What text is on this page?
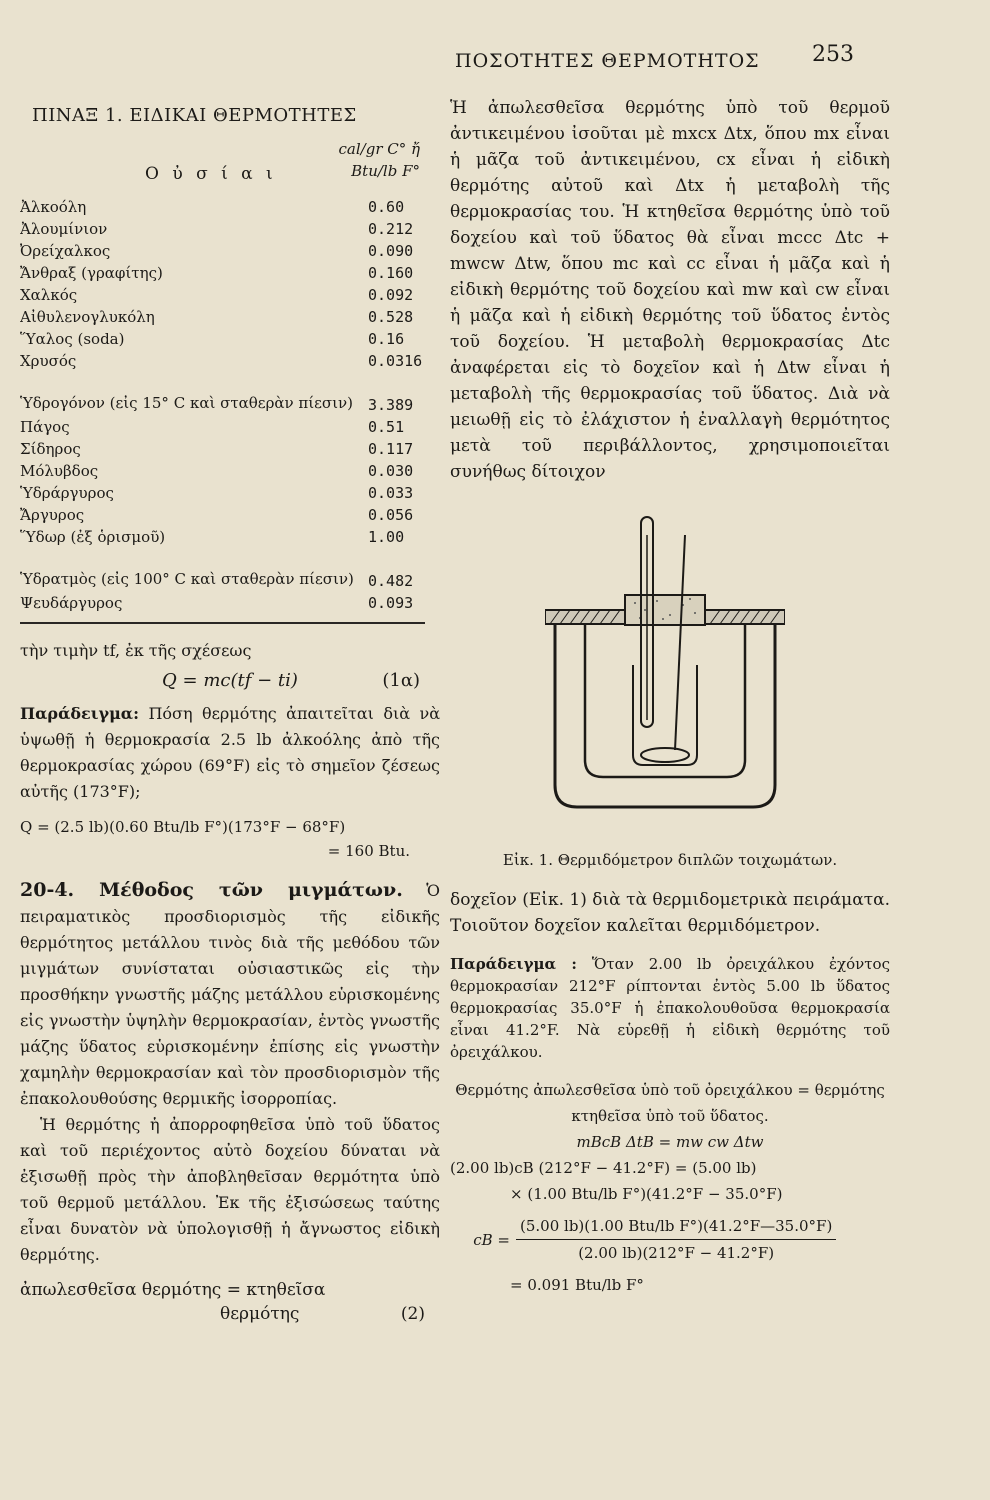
ΠΟΣΟΤΗΤΕΣ ΘΕΡΜΟΤΗΤΟΣ 253
ΠΙΝΑΞ 1. ΕΙΔΙΚΑΙ ΘΕΡΜΟΤΗΤΕΣ
Ο ὐ σ ί α ι
cal/gr C° ἤ
Btu/lb F°
Ἀλκοόλη	0.60
Ἀλουμίνιον	0.212
Ὀρείχαλκος	0.090
Ἄνθραξ (γραφίτης)	0.160
Χαλκός	0.092
Αἰθυλενογλυκόλη	0.528
Ὕαλος (soda)	0.16
Χρυσός	0.0316
Ὑδρογόνον (εἰς 15° C καὶ σταθερὰν πίεσιν) 3.389
Πάγος	0.51
Σίδηρος	0.117
Μόλυβδος	0.030
Ὑδράργυρος	0.033
Ἄργυρος	0.056
Ὕδωρ (ἐξ ὁρισμοῦ)	1.00
Ὑδρατμὸς (εἰς 100° C καὶ σταθερὰν πίεσιν) 0.482
Ψευδάργυρος	0.093

τὴν τιμὴν tf, ἐκ τῆς σχέσεως

Q = mc(tf − ti)	(1α)

Παράδειγμα: Πόση θερμότης ἀπαιτεῖται διὰ νὰ ὑψωθῇ ἡ θερμοκρασία 2.5 lb ἀλκοόλης ἀπὸ τῆς θερμοκρασίας χώρου (69°F) εἰς τὸ σημεῖον ζέσεως αὐτῆς (173°F);

Q = (2.5 lb)(0.60 Btu/lb F°)(173°F − 68°F)
= 160 Btu.

20-4. Μέθοδος τῶν μιγμάτων. Ὁ πειραματικὸς προσδιορισμὸς τῆς εἰδικῆς θερμότητος μετάλλου τινὸς διὰ τῆς μεθόδου τῶν μιγμάτων συνίσταται οὐσιαστικῶς εἰς τὴν προσθήκην γνωστῆς μάζης μετάλλου εὑρισκομένης εἰς γνωστὴν ὑψηλὴν θερμοκρασίαν, ἐντὸς γνωστῆς μάζης ὕδατος εὑρισκομένην ἐπίσης εἰς γνωστὴν χαμηλὴν θερμοκρασίαν καὶ τὸν προσδιορισμὸν τῆς ἐπακολουθούσης θερμικῆς ἰσορροπίας.

Ἡ θερμότης ἡ ἀπορροφηθεῖσα ὑπὸ τοῦ ὕδατος καὶ τοῦ περιέχοντος αὐτὸ δοχείου δύναται νὰ ἐξισωθῇ πρὸς τὴν ἀποβληθεῖσαν θερμότητα ὑπὸ τοῦ θερμοῦ μετάλλου. Ἐκ τῆς ἐξισώσεως ταύτης εἶναι δυνατὸν νὰ ὑπολογισθῇ ἡ ἄγνωστος εἰδικὴ θερμότης.

ἀπωλεσθεῖσα θερμότης = κτηθεῖσα
θερμότης	(2)

Ἡ ἀπωλεσθεῖσα θερμότης ὑπὸ τοῦ θερμοῦ ἀντικειμένου ἰσοῦται μὲ mxcx Δtx, ὅπου mx εἶναι ἡ μᾶζα τοῦ ἀντικειμένου, cx εἶναι ἡ εἰδικὴ θερμότης αὐτοῦ καὶ Δtx ἡ μεταβολὴ τῆς θερμοκρασίας του. Ἡ κτηθεῖσα θερμότης ὑπὸ τοῦ δοχείου καὶ τοῦ ὕδατος θὰ εἶναι mccc Δtc + mwcw Δtw, ὅπου mc καὶ cc εἶναι ἡ μᾶζα καὶ ἡ εἰδικὴ θερμότης τοῦ δοχείου καὶ mw καὶ cw εἶναι ἡ μᾶζα καὶ ἡ εἰδικὴ θερμότης τοῦ ὕδατος ἐντὸς τοῦ δοχείου. Ἡ μεταβολὴ θερμοκρασίας Δtc ἀναφέρεται εἰς τὸ δοχεῖον καὶ ἡ Δtw εἶναι ἡ μεταβολὴ τῆς θερμοκρασίας τοῦ ὕδατος. Διὰ νὰ μειωθῇ εἰς τὸ ἐλάχιστον ἡ ἐναλλαγὴ θερμότητος μετὰ τοῦ περιβάλλοντος, χρησιμοποιεῖται συνήθως δίτοιχον

Εἰκ. 1. Θερμιδόμετρον διπλῶν τοιχωμάτων.

δοχεῖον (Εἰκ. 1) διὰ τὰ θερμιδομετρικὰ πειράματα. Τοιοῦτον δοχεῖον καλεῖται θερμιδόμετρον.

Παράδειγμα : Ὅταν 2.00 lb ὀρειχάλκου ἐχόντος θερμοκρασίαν 212°F ρίπτονται ἐντὸς 5.00 lb ὕδατος θερμοκρασίας 35.0°F ἡ ἐπακολουθοῦσα θερμοκρασία εἶναι 41.2°F. Νὰ εὑρεθῇ ἡ εἰδικὴ θερμότης τοῦ ὀρειχάλκου.

Θερμότης ἀπωλεσθεῖσα ὑπὸ τοῦ ὀρειχάλκου = θερμότης κτηθεῖσα ὑπὸ τοῦ ὕδατος.
mBcB ΔtB = mw cw Δtw
(2.00 lb)cB (212°F − 41.2°F) = (5.00 lb)
× (1.00 Btu/lb F°)(41.2°F − 35.0°F)
cB = $\frac{\text{(5.00 lb)(1.00 Btu/lb F°)(41.2°F—35.0°F)}}{(2.00 lb)(212^\circ F - 41.2^\circ F)}$
= 0.091 Btu/lb F°
